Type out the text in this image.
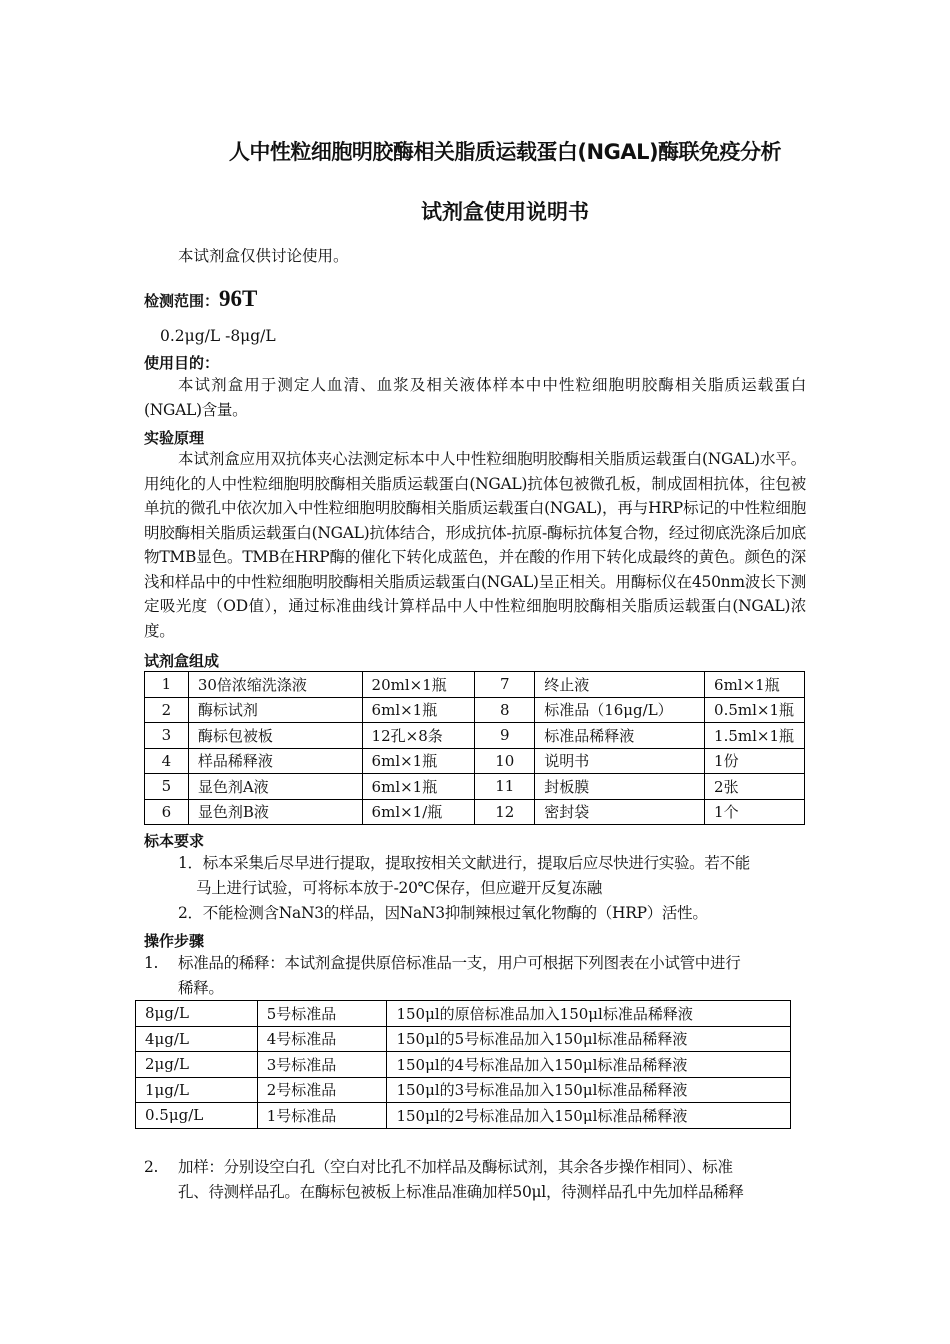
人中性粒细胞明胶酶相关脂质运载蛋白(NGAL)酶联免疫分析
试剂盒使用说明书
本试剂盒仅供讨论使用。
检测范围：96T
0.2μg/L -8μg/L
使用目的：
本试剂盒用于测定人血清、血浆及相关液体样本中中性粒细胞明胶酶相关脂质运载蛋白(NGAL)含量。
实验原理
本试剂盒应用双抗体夹心法测定标本中人中性粒细胞明胶酶相关脂质运载蛋白(NGAL)水平。用纯化的人中性粒细胞明胶酶相关脂质运载蛋白(NGAL)抗体包被微孔板，制成固相抗体，往包被单抗的微孔中依次加入中性粒细胞明胶酶相关脂质运载蛋白(NGAL)，再与HRP标记的中性粒细胞明胶酶相关脂质运载蛋白(NGAL)抗体结合，形成抗体-抗原-酶标抗体复合物，经过彻底洗涤后加底物TMB显色。TMB在HRP酶的催化下转化成蓝色，并在酸的作用下转化成最终的黄色。颜色的深浅和样品中的中性粒细胞明胶酶相关脂质运载蛋白(NGAL)呈正相关。用酶标仪在450nm波长下测定吸光度（OD值），通过标准曲线计算样品中人中性粒细胞明胶酶相关脂质运载蛋白(NGAL)浓度。
试剂盒组成
1	30倍浓缩洗涤液	20ml×1瓶	7	终止液	6ml×1瓶
2	酶标试剂	6ml×1瓶	8	标准品（16μg/L）	0.5ml×1瓶
3	酶标包被板	12孔×8条	9	标准品稀释液	1.5ml×1瓶
4	样品稀释液	6ml×1瓶	10	说明书	1份
5	显色剂A液	6ml×1瓶	11	封板膜	2张
6	显色剂B液	6ml×1/瓶	12	密封袋	1个
标本要求
1．标本采集后尽早进行提取，提取按相关文献进行，提取后应尽快进行实验。若不能
马上进行试验，可将标本放于-20℃保存，但应避开反复冻融
2．不能检测含NaN3的样品，因NaN3抑制辣根过氧化物酶的（HRP）活性。
操作步骤
1. 标准品的稀释：本试剂盒提供原倍标准品一支，用户可根据下列图表在小试管中进行
稀释。
8μg/L	5号标准品	150μl的原倍标准品加入150μl标准品稀释液
4μg/L	4号标准品	150μl的5号标准品加入150μl标准品稀释液
2μg/L	3号标准品	150μl的4号标准品加入150μl标准品稀释液
1μg/L	2号标准品	150μl的3号标准品加入150μl标准品稀释液
0.5μg/L	1号标准品	150μl的2号标准品加入150μl标准品稀释液
2. 加样：分别设空白孔（空白对比孔不加样品及酶标试剂，其余各步操作相同）、标准
孔、待测样品孔。在酶标包被板上标准品准确加样50μl，待测样品孔中先加样品稀释
